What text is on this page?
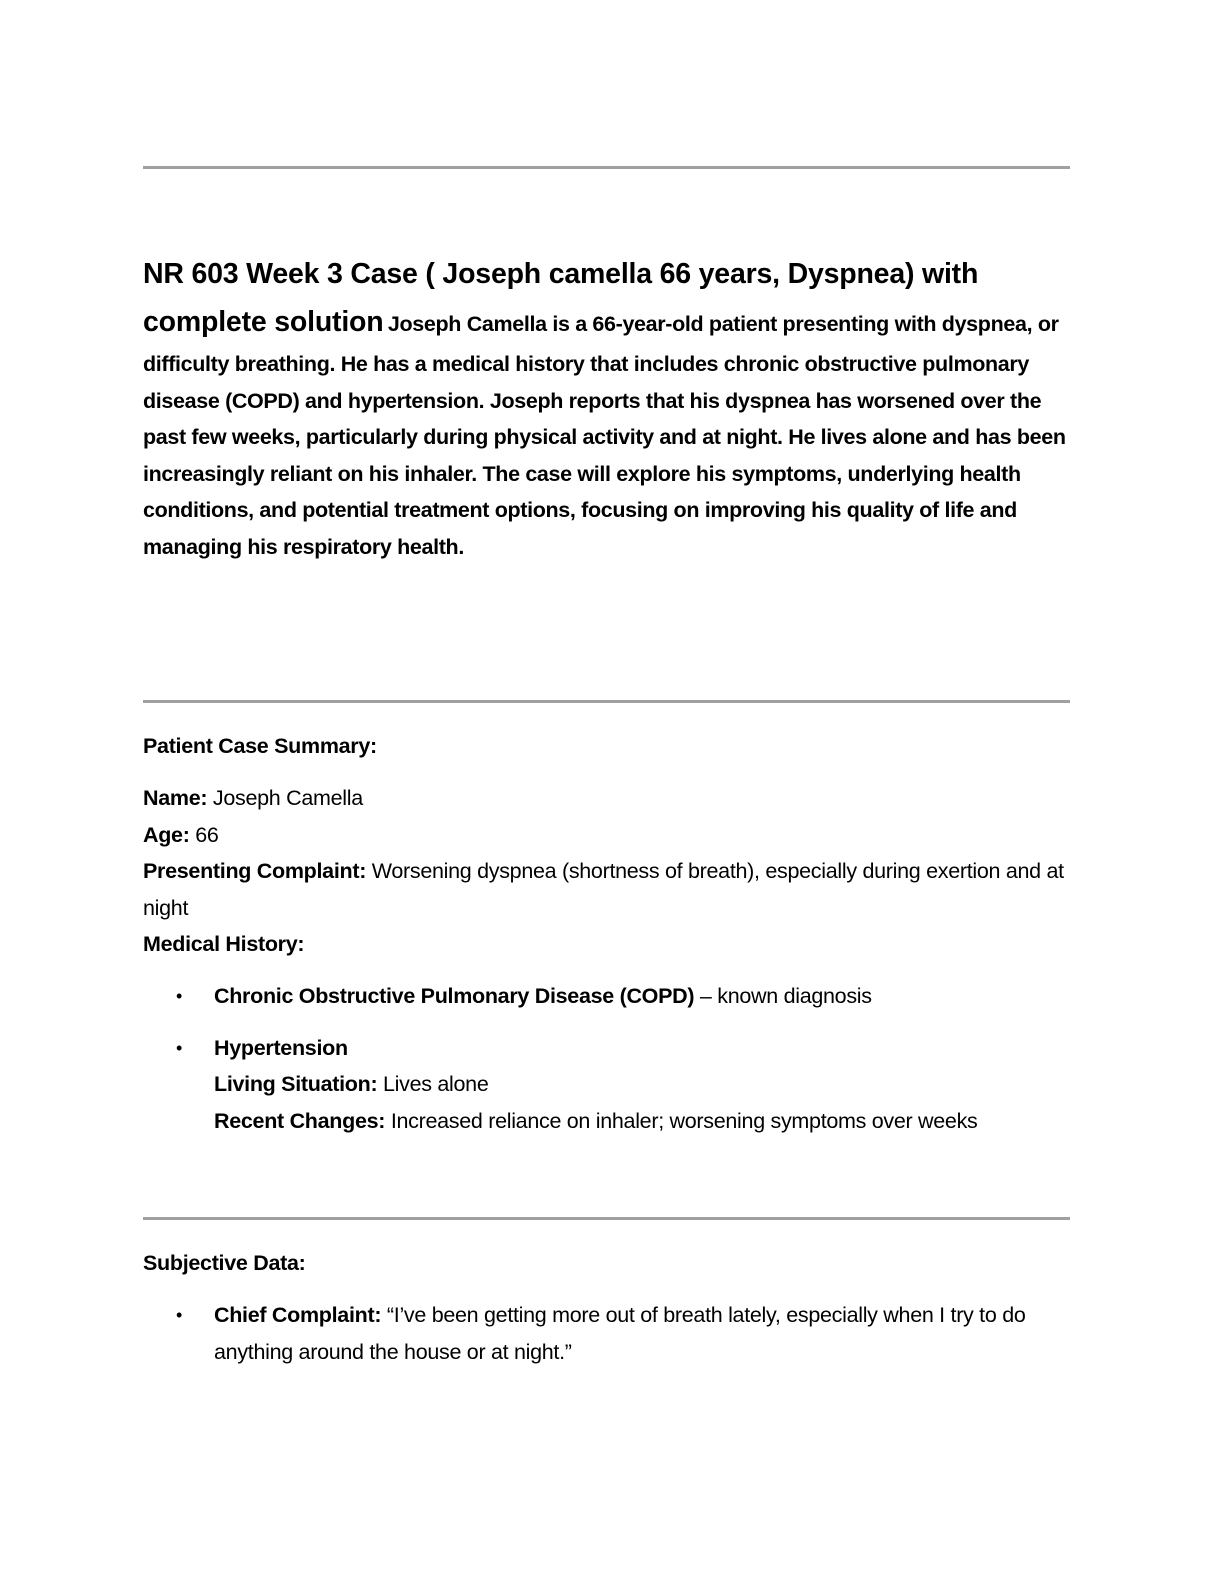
NR 603 Week 3 Case ( Joseph camella 66 years, Dyspnea) with complete solution Joseph Camella is a 66-year-old patient presenting with dyspnea, or difficulty breathing. He has a medical history that includes chronic obstructive pulmonary disease (COPD) and hypertension. Joseph reports that his dyspnea has worsened over the past few weeks, particularly during physical activity and at night. He lives alone and has been increasingly reliant on his inhaler. The case will explore his symptoms, underlying health conditions, and potential treatment options, focusing on improving his quality of life and managing his respiratory health.
Patient Case Summary:
Name: Joseph Camella
Age: 66
Presenting Complaint: Worsening dyspnea (shortness of breath), especially during exertion and at night
Medical History:
• Chronic Obstructive Pulmonary Disease (COPD) – known diagnosis
• Hypertension
Living Situation: Lives alone
Recent Changes: Increased reliance on inhaler; worsening symptoms over weeks
Subjective Data:
• Chief Complaint: “I’ve been getting more out of breath lately, especially when I try to do anything around the house or at night.”
